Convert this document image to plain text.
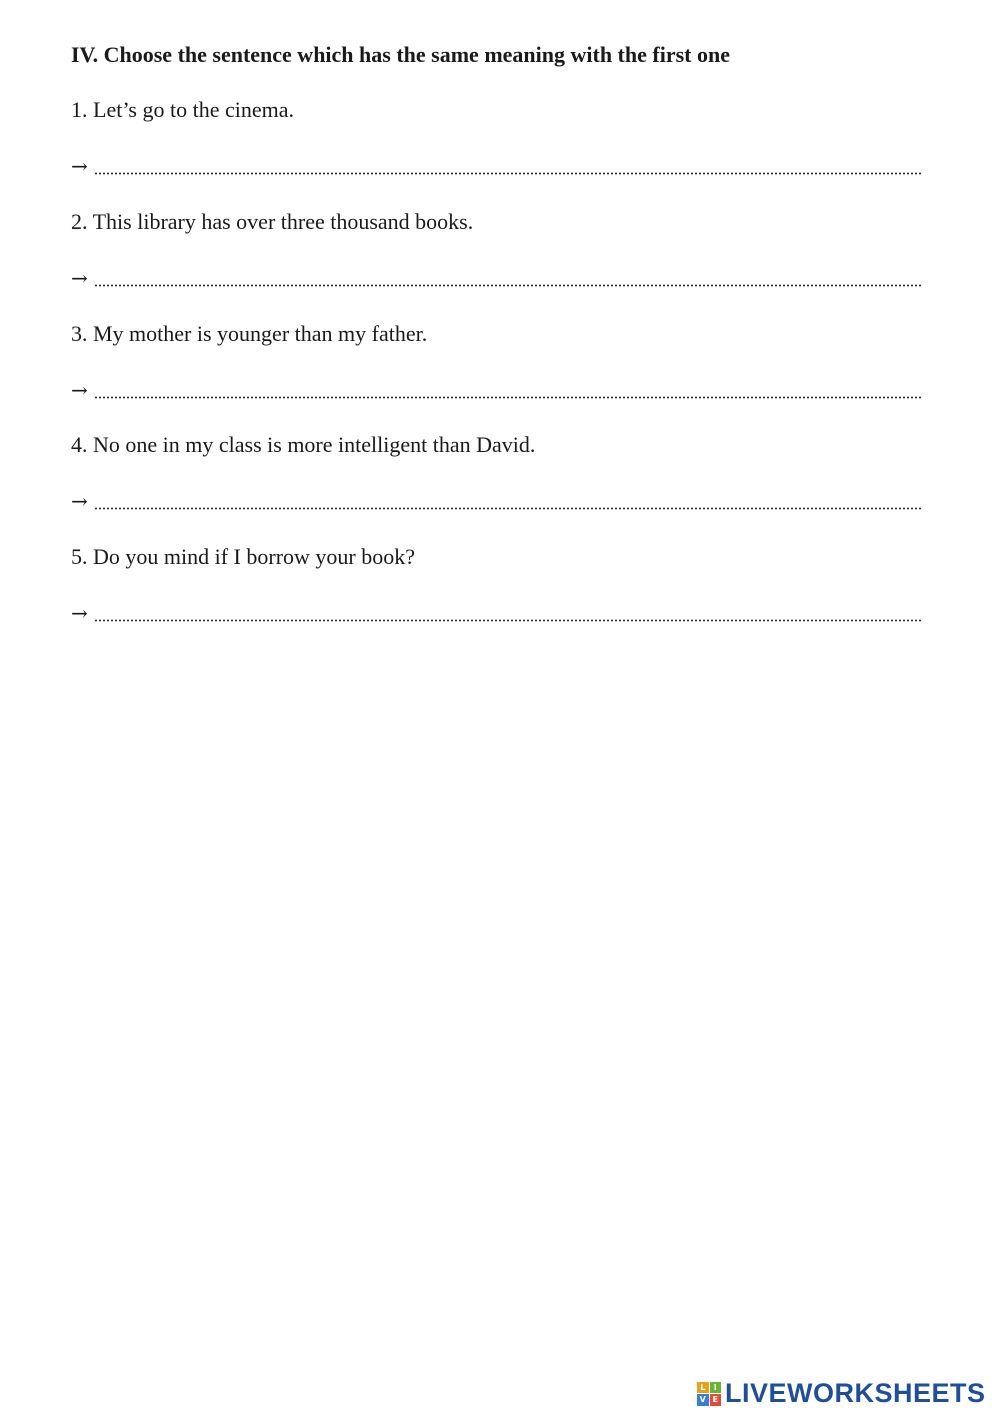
IV. Choose the sentence which has the same meaning with the first one
1. Let’s go to the cinema.
→
2. This library has over three thousand books.
→
3. My mother is younger than my father.
→
4. No one in my class is more intelligent than David.
→
5. Do you mind if I borrow your book?
→
L	I
V E LIVEWORKSHEETS
